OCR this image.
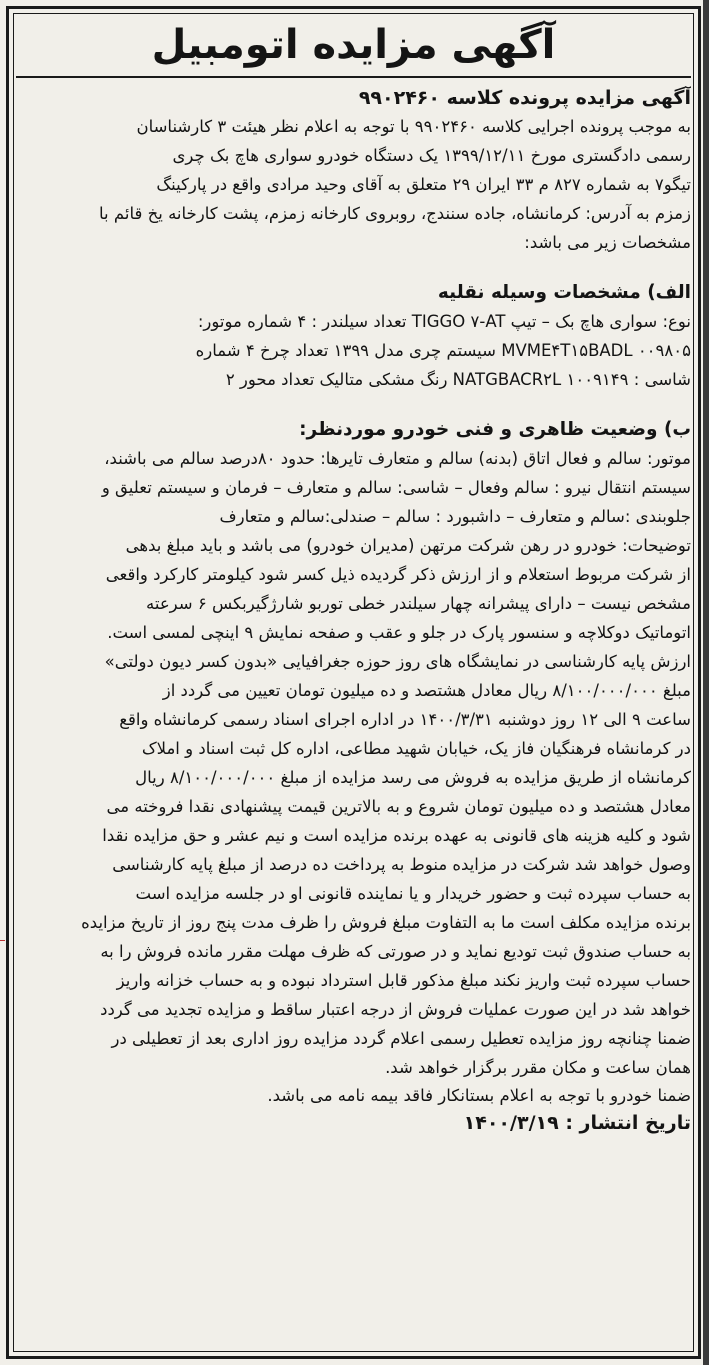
آگهی مزایده اتومبیل
آگهی مزایده پرونده کلاسه ۹۹۰۲۴۶۰
به موجب پرونده اجرایی کلاسه ۹۹۰۲۴۶۰ با توجه به اعلام نظر هیئت ۳ کارشناسان
رسمی دادگستری مورخ ۱۳۹۹/۱۲/۱۱ یک دستگاه خودرو سواری هاچ بک چری
تیگو۷ به شماره ۸۲۷ م ۳۳ ایران ۲۹ متعلق به آقای وحید مرادی واقع در پارکینگ
زمزم به آدرس: کرمانشاه، جاده سنندج، روبروی کارخانه زمزم، پشت کارخانه یخ قائم با
مشخصات زیر می باشد:
الف) مشخصات وسیله نقلیه
نوع: سواری هاچ بک – تیپ TIGGO ۷-AT تعداد سیلندر : ۴ شماره موتور:
MVME۴T۱۵BADL ۰۰۹۸۰۵ سیستم چری مدل ۱۳۹۹ تعداد چرخ ۴ شماره
شاسی : NATGBACR۲L ۱۰۰۹۱۴۹ رنگ مشکی متالیک تعداد محور ۲
ب) وضعیت ظاهری و فنی خودرو موردنظر:
موتور: سالم و فعال اتاق (بدنه) سالم و متعارف تایرها: حدود ۸۰درصد سالم می باشند،
سیستم انتقال نیرو : سالم وفعال – شاسی: سالم و متعارف – فرمان و سیستم تعلیق و
جلوبندی :سالم و متعارف – داشبورد : سالم – صندلی:سالم و متعارف
توضیحات: خودرو در رهن شرکت مرتهن (مدیران خودرو) می باشد و باید مبلغ بدهی
از شرکت مربوط استعلام و از ارزش ذکر گردیده ذیل کسر شود کیلومتر کارکرد واقعی
مشخص نیست – دارای پیشرانه چهار سیلندر خطی توربو شارژگیربکس ۶ سرعته
اتوماتیک دوکلاچه و سنسور پارک در جلو و عقب و صفحه نمایش ۹ اینچی لمسی است.
ارزش پایه کارشناسی در نمایشگاه های روز حوزه جغرافیایی «بدون کسر دیون دولتی»
مبلغ ۸/۱۰۰/۰۰۰/۰۰۰ ریال معادل هشتصد و ده میلیون تومان تعیین می گردد از
ساعت ۹ الی ۱۲ روز دوشنبه ۱۴۰۰/۳/۳۱ در اداره اجرای اسناد رسمی کرمانشاه واقع
در کرمانشاه فرهنگیان فاز یک، خیابان شهید مطاعی، اداره کل ثبت اسناد و املاک
کرمانشاه از طریق مزایده به فروش می رسد مزایده از مبلغ ۸/۱۰۰/۰۰۰/۰۰۰ ریال
معادل هشتصد و ده میلیون تومان شروع و به بالاترین قیمت پیشنهادی نقدا فروخته می
شود و کلیه هزینه های قانونی به عهده برنده مزایده است و نیم عشر و حق مزایده نقدا
وصول خواهد شد شرکت در مزایده منوط به پرداخت ده درصد از مبلغ پایه کارشناسی
به حساب سپرده ثبت و حضور خریدار و یا نماینده قانونی او در جلسه مزایده است
برنده مزایده مکلف است ما به التفاوت مبلغ فروش را ظرف مدت پنج روز از تاریخ مزایده
به حساب صندوق ثبت تودیع نماید و در صورتی که ظرف مهلت مقرر مانده فروش را به
حساب سپرده ثبت واریز نکند مبلغ مذکور قابل استرداد نبوده و به حساب خزانه واریز
خواهد شد در این صورت عملیات فروش از درجه اعتبار ساقط و مزایده تجدید می گردد
ضمنا چنانچه روز مزایده تعطیل رسمی اعلام گردد مزایده روز اداری بعد از تعطیلی در
همان ساعت و مکان مقرر برگزار خواهد شد.
ضمنا خودرو با توجه به اعلام بستانکار فاقد بیمه نامه می باشد.
تاریخ انتشار : ۱۴۰۰/۳/۱۹
